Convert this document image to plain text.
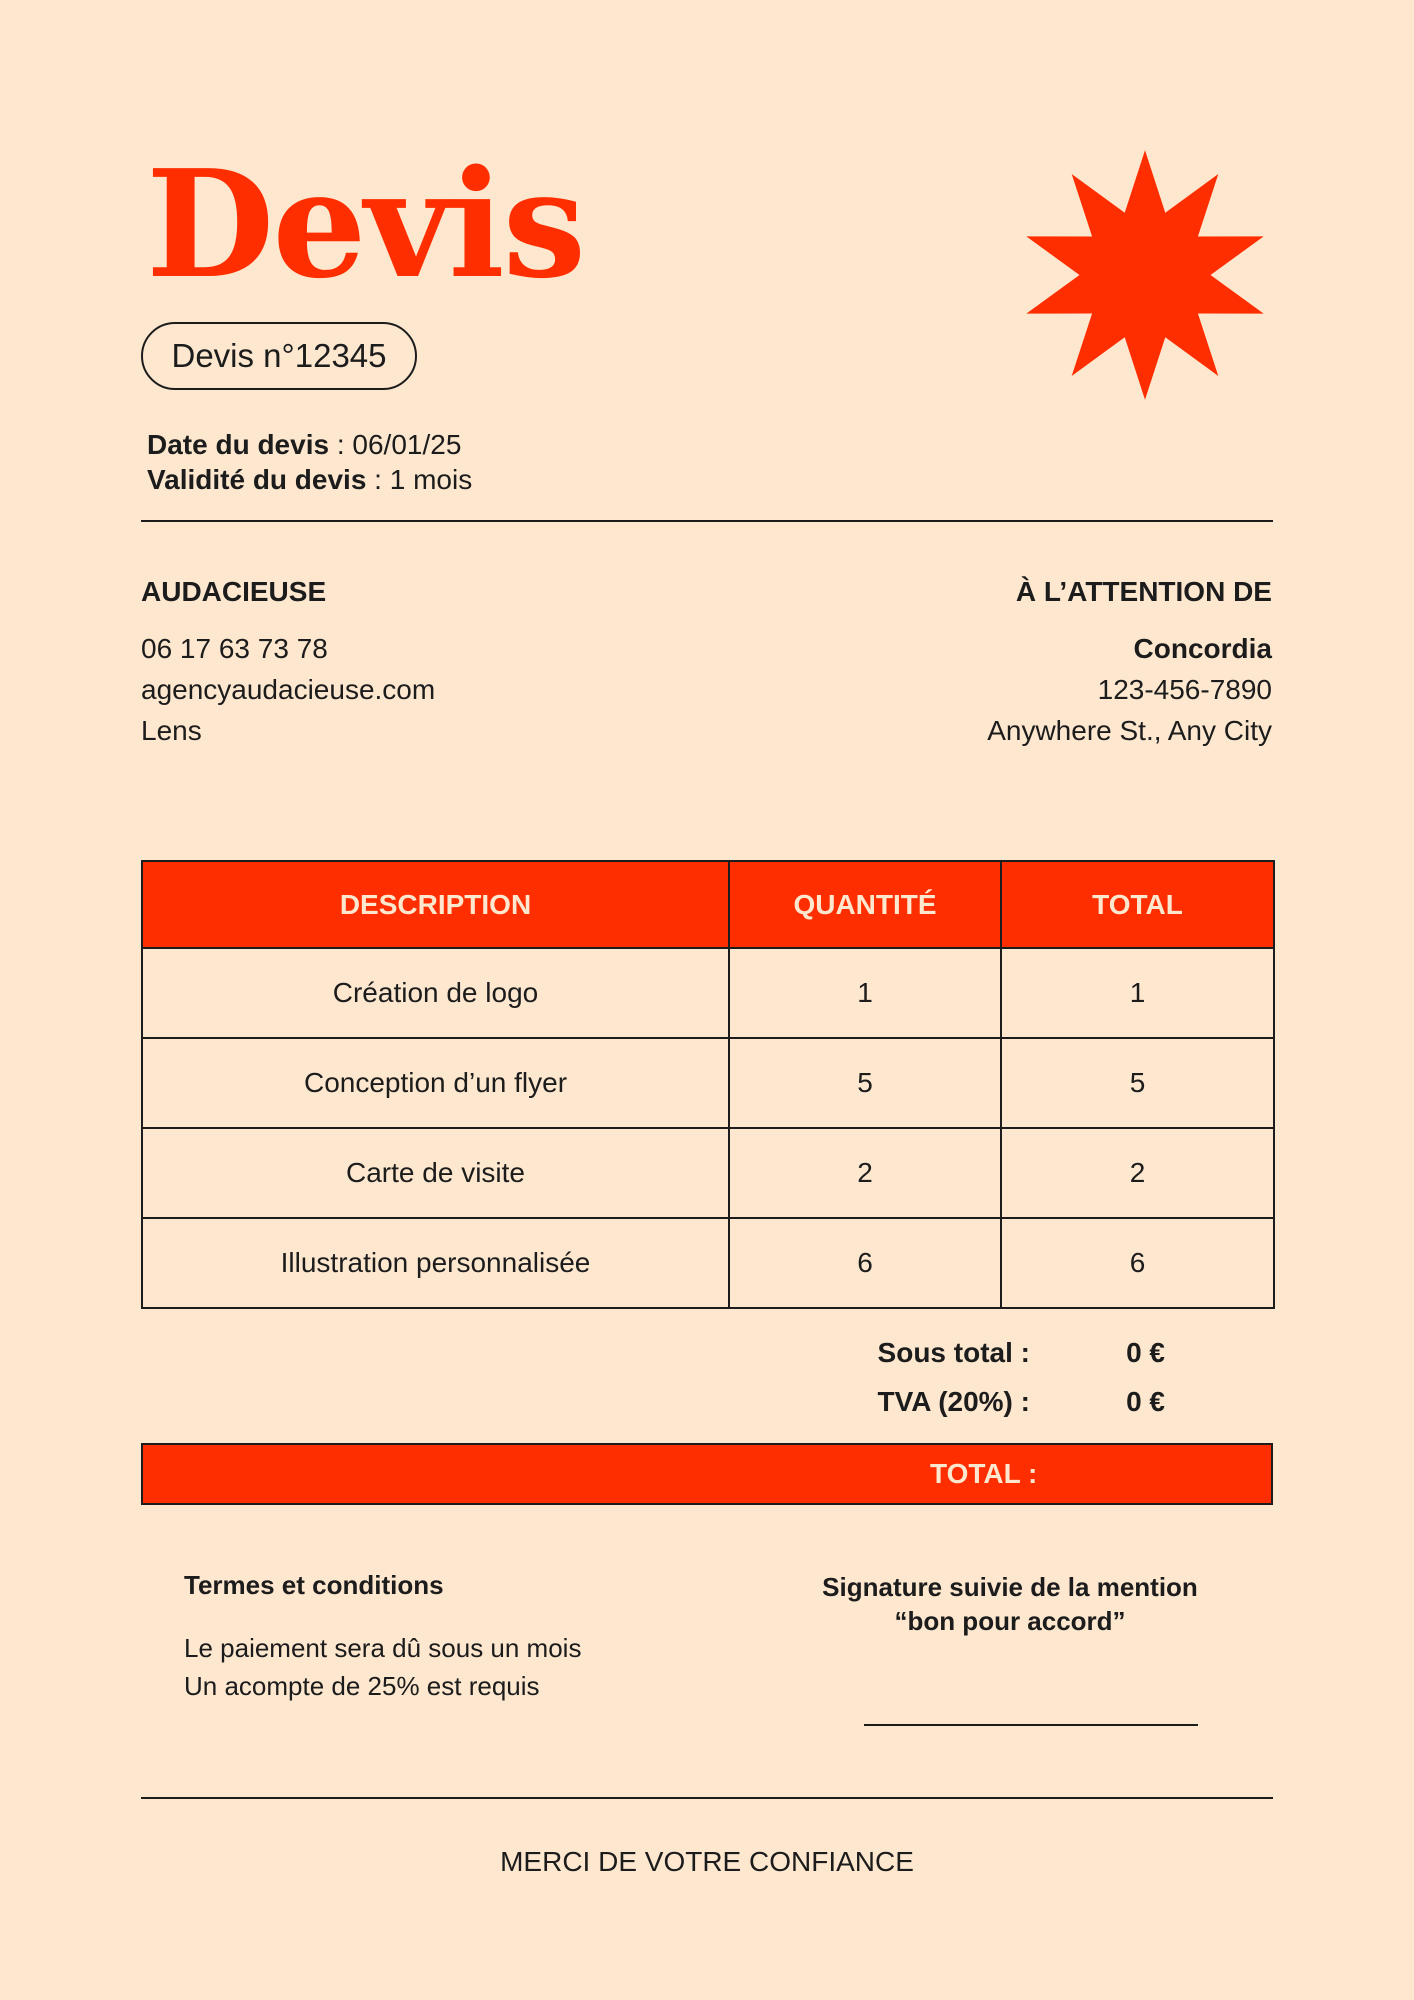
Devis
Devis n°12345
Date du devis : 06/01/25
Validité du devis : 1 mois
AUDACIEUSE
06 17 63 73 78
agencyaudacieuse.com
Lens
À L’ATTENTION DE
Concordia
123-456-7890
Anywhere St., Any City
DESCRIPTION	QUANTITÉ	TOTAL
Création de logo	1	1
Conception d’un flyer	5	5
Carte de visite	2	2
Illustration personnalisée	6	6
Sous total :	0 €
TVA (20%) :	0 €
TOTAL :
Termes et conditions
Le paiement sera dû sous un mois
Un acompte de 25% est requis
Signature suivie de la mention
“bon pour accord”
MERCI DE VOTRE CONFIANCE
